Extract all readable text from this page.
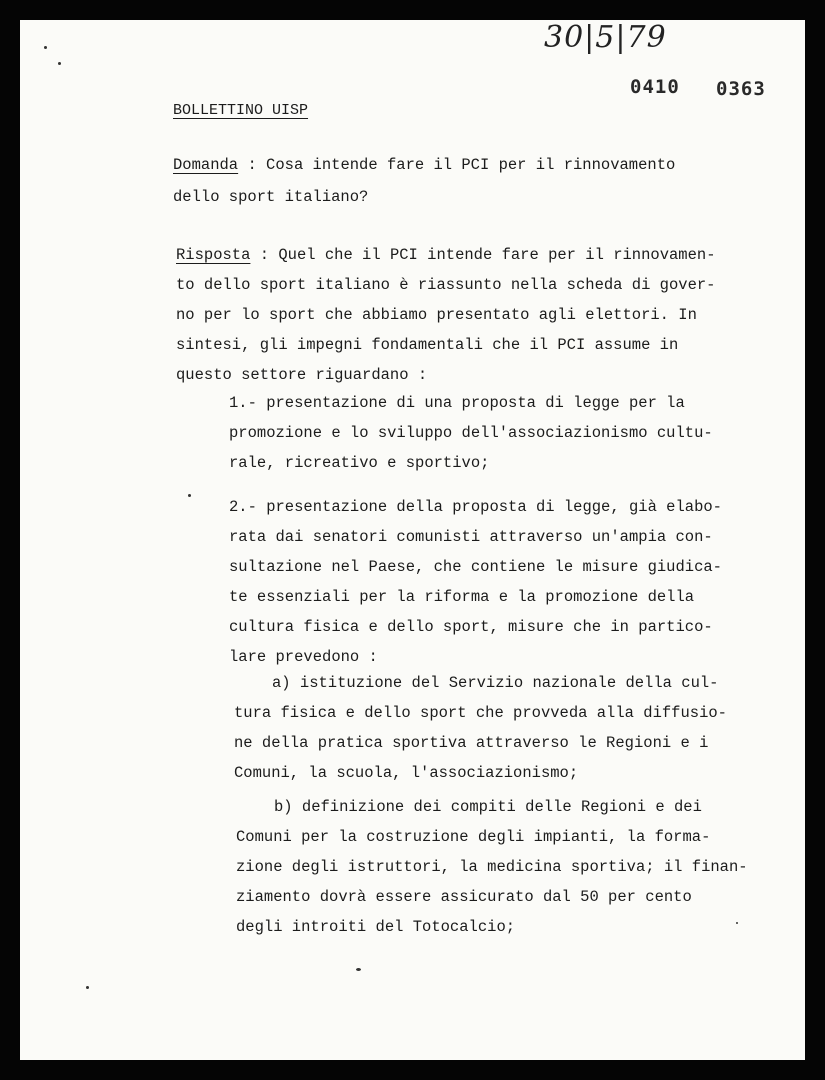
30|5|79
0410 0363
BOLLETTINO UISP
Domanda : Cosa intende fare il PCI per il rinnovamento
dello sport italiano?
Risposta : Quel che il PCI intende fare per il rinnovamen-
to dello sport italiano è riassunto nella scheda di gover-
no per lo sport che abbiamo presentato agli elettori. In
sintesi, gli impegni fondamentali che il PCI assume in
questo settore riguardano :
1.- presentazione di una proposta di legge per la
promozione e lo sviluppo dell'associazionismo cultu-
rale, ricreativo e sportivo;
2.- presentazione della proposta di legge, già elabo-
rata dai senatori comunisti attraverso un'ampia con-
sultazione nel Paese, che contiene le misure giudica-
te essenziali per la riforma e la promozione della
cultura fisica e dello sport, misure che in partico-
lare prevedono :
a) istituzione del Servizio nazionale della cul-
tura fisica e dello sport che provveda alla diffusio-
ne della pratica sportiva attraverso le Regioni e i
Comuni, la scuola, l'associazionismo;
b) definizione dei compiti delle Regioni e dei
Comuni per la costruzione degli impianti, la forma-
zione degli istruttori, la medicina sportiva; il finan-
ziamento dovrà essere assicurato dal 50 per cento
degli introiti del Totocalcio;
